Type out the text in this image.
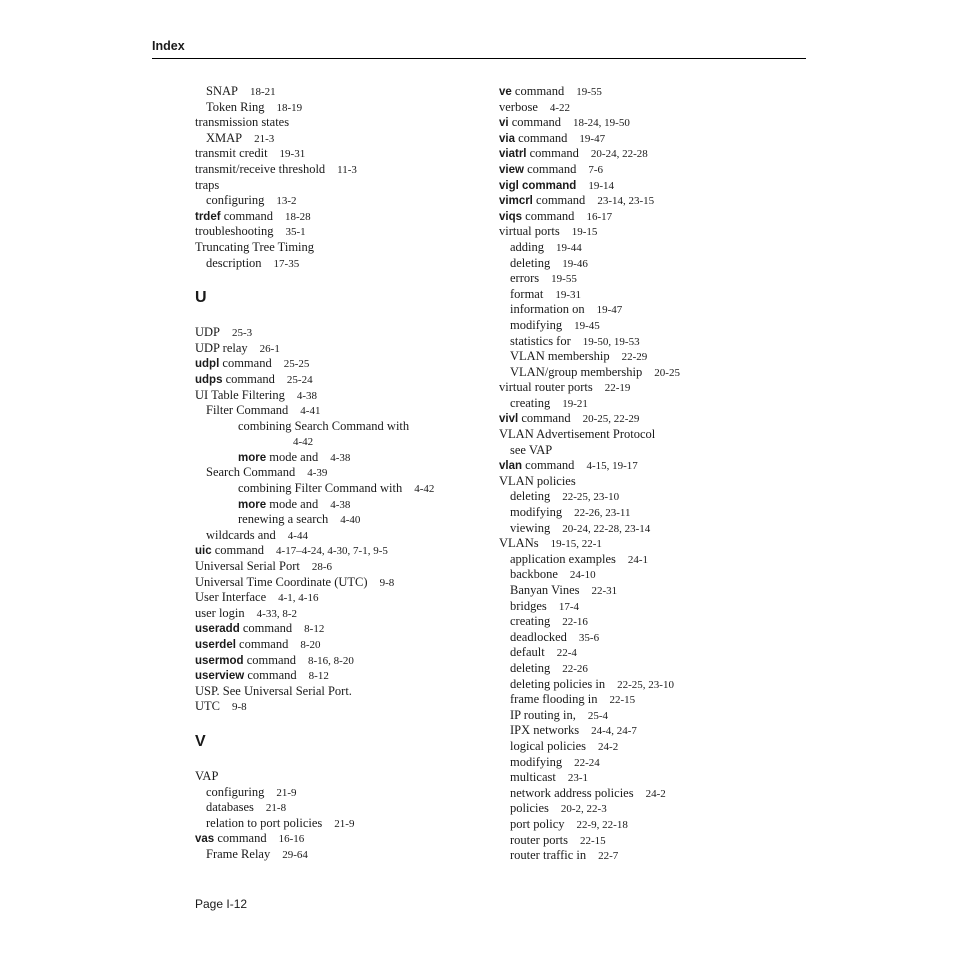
Index
SNAP 18-21
Token Ring 18-19
transmission states
XMAP 21-3
transmit credit 19-31
transmit/receive threshold 11-3
traps
configuring 13-2
trdef command 18-28
troubleshooting 35-1
Truncating Tree Timing
description 17-35
U
UDP 25-3
UDP relay 26-1
udpl command 25-25
udps command 25-24
UI Table Filtering 4-38
Filter Command 4-41
combining Search Command with
4-42
more mode and 4-38
Search Command 4-39
combining Filter Command with 4-42
more mode and 4-38
renewing a search 4-40
wildcards and 4-44
uic command 4-17–4-24, 4-30, 7-1, 9-5
Universal Serial Port 28-6
Universal Time Coordinate (UTC) 9-8
User Interface 4-1, 4-16
user login 4-33, 8-2
useradd command 8-12
userdel command 8-20
usermod command 8-16, 8-20
userview command 8-12
USP. See Universal Serial Port.
UTC 9-8
V
VAP
configuring 21-9
databases 21-8
relation to port policies 21-9
vas command 16-16
Frame Relay 29-64
ve command 19-55
verbose 4-22
vi command 18-24, 19-50
via command 19-47
viatrl command 20-24, 22-28
view command 7-6
vigl command 19-14
vimcrl command 23-14, 23-15
viqs command 16-17
virtual ports 19-15
adding 19-44
deleting 19-46
errors 19-55
format 19-31
information on 19-47
modifying 19-45
statistics for 19-50, 19-53
VLAN membership 22-29
VLAN/group membership 20-25
virtual router ports 22-19
creating 19-21
vivl command 20-25, 22-29
VLAN Advertisement Protocol
see VAP
vlan command 4-15, 19-17
VLAN policies
deleting 22-25, 23-10
modifying 22-26, 23-11
viewing 20-24, 22-28, 23-14
VLANs 19-15, 22-1
application examples 24-1
backbone 24-10
Banyan Vines 22-31
bridges 17-4
creating 22-16
deadlocked 35-6
default 22-4
deleting 22-26
deleting policies in 22-25, 23-10
frame flooding in 22-15
IP routing in, 25-4
IPX networks 24-4, 24-7
logical policies 24-2
modifying 22-24
multicast 23-1
network address policies 24-2
policies 20-2, 22-3
port policy 22-9, 22-18
router ports 22-15
router traffic in 22-7
Page I-12
